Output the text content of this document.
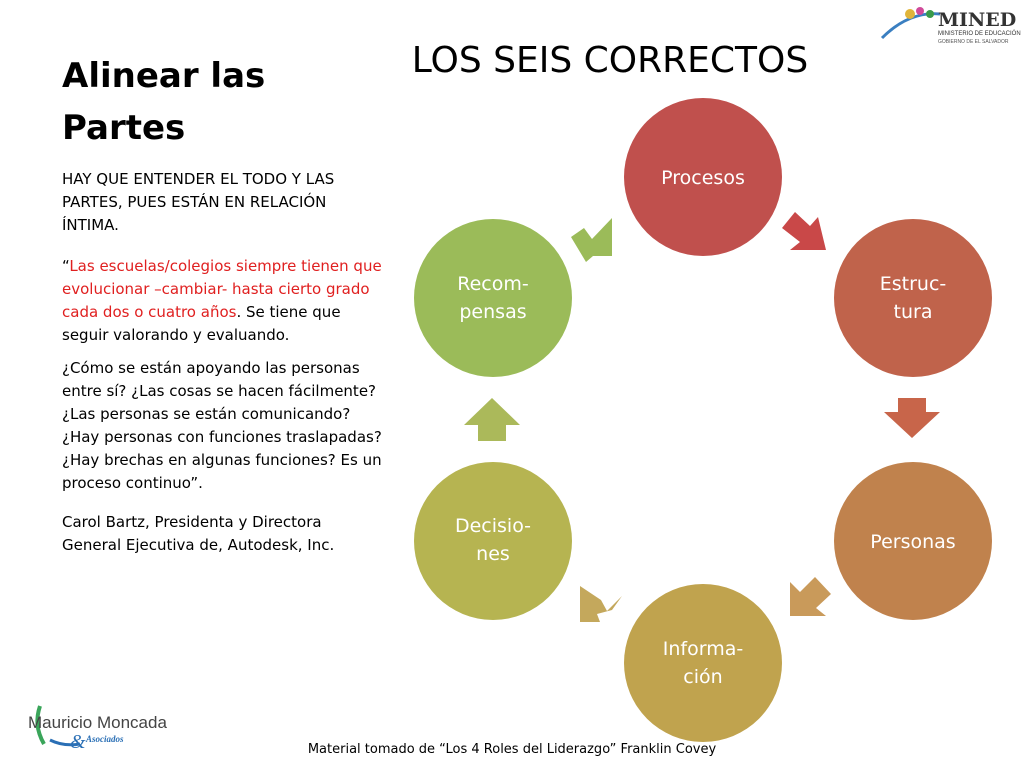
Alinear las
Partes
LOS SEIS CORRECTOS

HAY QUE ENTENDER EL TODO Y LAS PARTES, PUES ESTÁN EN RELACIÓN ÍNTIMA.

“Las escuelas/colegios siempre tienen que evolucionar –cambiar- hasta cierto grado cada dos o cuatro años. Se tiene que seguir valorando y evaluando.

¿Cómo se están apoyando las personas entre sí? ¿Las cosas se hacen fácilmente? ¿Las personas se están comunicando? ¿Hay personas con funciones traslapadas? ¿Hay brechas en algunas funciones? Es un proceso continuo”.

Carol Bartz, Presidenta y Directora General Ejecutiva de, Autodesk, Inc.

Procesos
Estruc-tura
Personas
Informa-ción
Decisio-nes
Recom-pensas
Mauricio Moncada
& Asociados
MINED
MINISTERIO DE EDUCACIÓN
GOBIERNO DE EL SALVADOR
Material tomado de “Los 4 Roles del Liderazgo” Franklin Covey
